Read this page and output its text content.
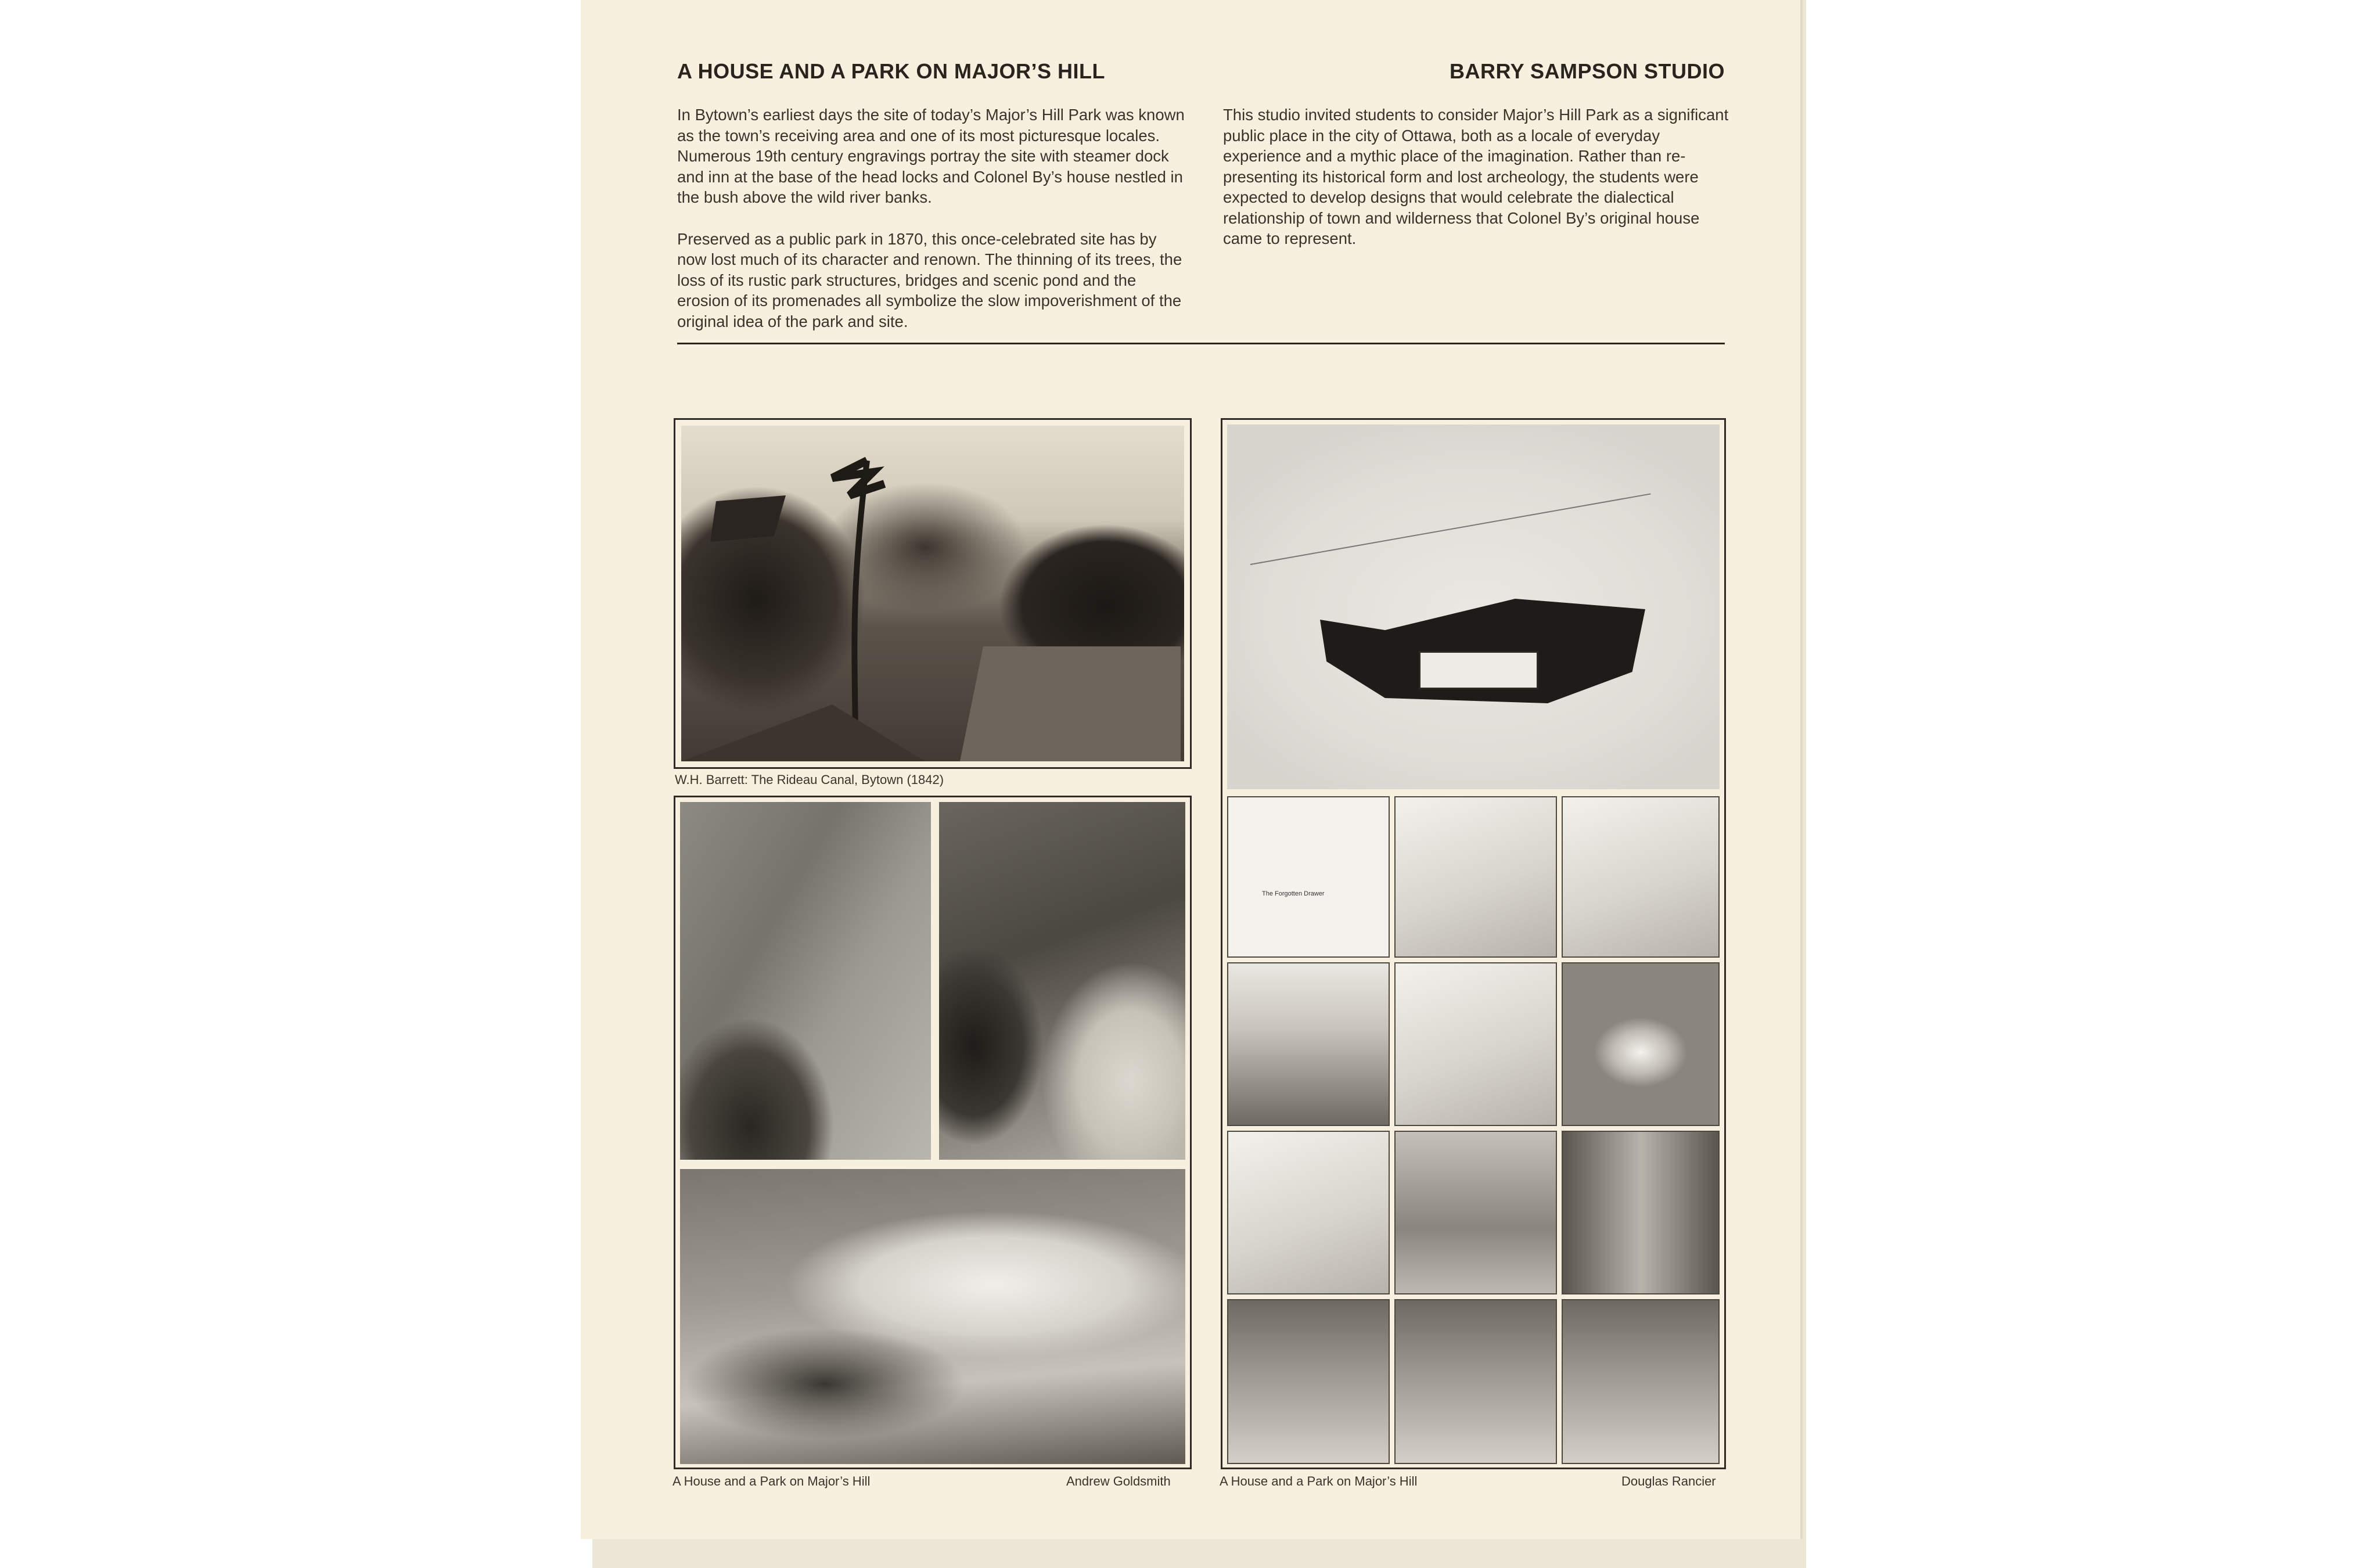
A HOUSE AND A PARK ON MAJOR’S HILL	BARRY SAMPSON STUDIO

In Bytown’s earliest days the site of today’s Major’s Hill Park was known as the town’s receiving area and one of its most picturesque locales. Numerous 19th century engravings portray the site with steamer dock and inn at the base of the head locks and Colonel By’s house nestled in the bush above the wild river banks.

Preserved as a public park in 1870, this once-celebrated site has by now lost much of its character and renown. The thinning of its trees, the loss of its rustic park structures, bridges and scenic pond and the erosion of its promenades all symbolize the slow impoverishment of the original idea of the park and site.

This studio invited students to consider Major’s Hill Park as a significant public place in the city of Ottawa, both as a locale of everyday experience and a mythic place of the imagination. Rather than re-presenting its historical form and lost archeology, the students were expected to develop designs that would celebrate the dialectical relationship of town and wilderness that Colonel By’s original house came to represent.

W.H. Barrett: The Rideau Canal, Bytown (1842)
A House and a Park on Major’s Hill	Andrew Goldsmith
The Forgotten Drawer
A House and a Park on Major’s Hill	Douglas Rancier
